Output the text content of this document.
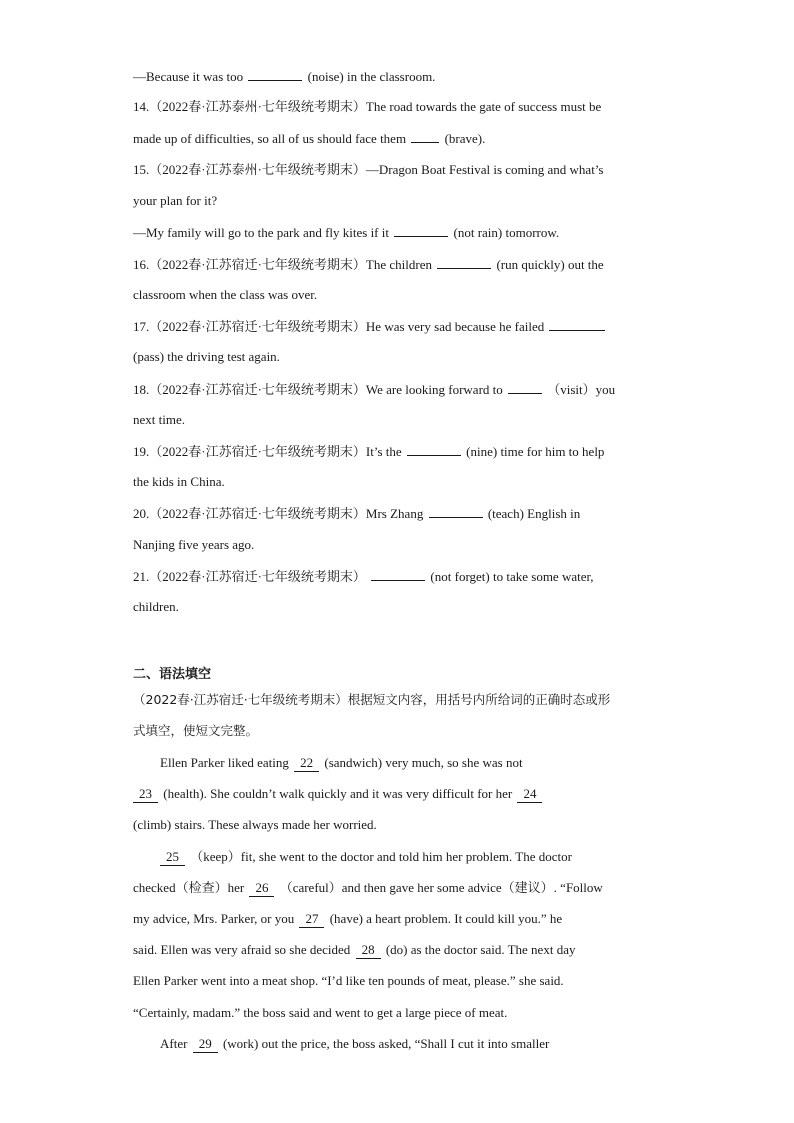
—Because it was too	(noise) in the classroom.
14.（2022春·江苏泰州·七年级统考期末）The road towards the gate of success must be
made up of difficulties, so all of us should face them	(brave).
15.（2022春·江苏泰州·七年级统考期末）—Dragon Boat Festival is coming and what’s
your plan for it?
—My family will go to the park and fly kites if it	(not rain) tomorrow.
16.（2022春·江苏宿迁·七年级统考期末）The children	(run quickly) out the
classroom when the class was over.
17.（2022春·江苏宿迁·七年级统考期末）He was very sad because he failed
(pass) the driving test again.
18.（2022春·江苏宿迁·七年级统考期末）We are looking forward to	（visit）you
next time.
19.（2022春·江苏宿迁·七年级统考期末）It’s the	(nine) time for him to help
the kids in China.
20.（2022春·江苏宿迁·七年级统考期末）Mrs Zhang	(teach) English in
Nanjing five years ago.
21.（2022春·江苏宿迁·七年级统考期末）	(not forget) to take some water,
children.
二、语法填空
（2022春·江苏宿迁·七年级统考期末）根据短文内容，用括号内所给词的正确时态或形
式填空，使短文完整。
Ellen Parker liked eating 22 (sandwich) very much, so she was not
23 (health). She couldn’t walk quickly and it was very difficult for her 24
(climb) stairs. These always made her worried.
25 （keep）fit, she went to the doctor and told him her problem. The doctor
checked（检查）her 26 （careful）and then gave her some advice（建议）. “Follow
my advice, Mrs. Parker, or you 27 (have) a heart problem. It could kill you.” he
said. Ellen was very afraid so she decided 28 (do) as the doctor said. The next day
Ellen Parker went into a meat shop. “I’d like ten pounds of meat, please.” she said.
“Certainly, madam.” the boss said and went to get a large piece of meat.
After 29 (work) out the price, the boss asked, “Shall I cut it into smaller
